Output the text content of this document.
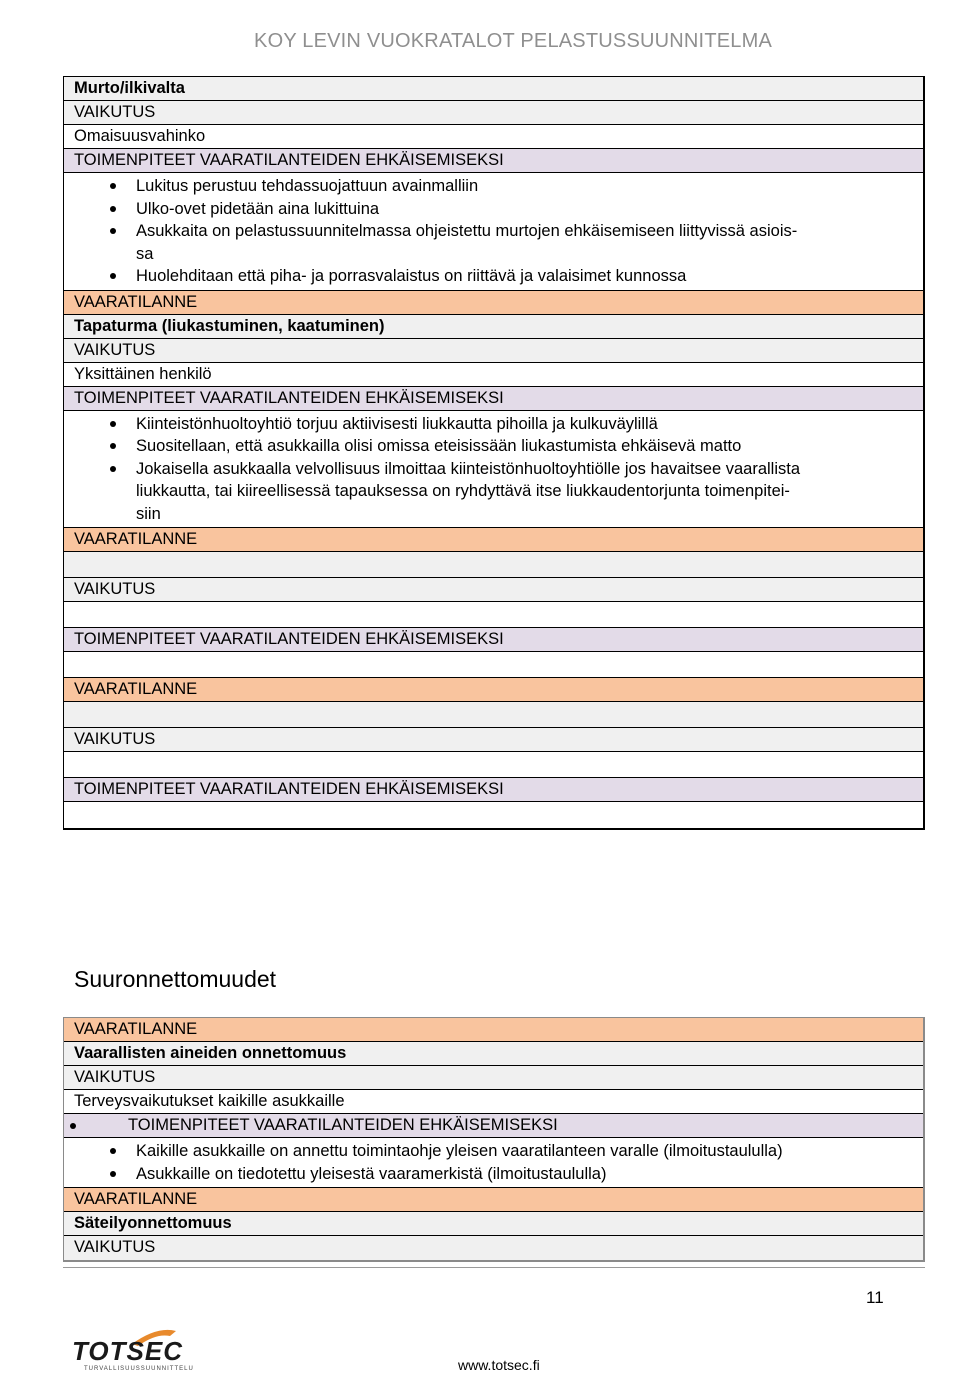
KOY LEVIN VUOKRATALOT PELASTUSSUUNNITELMA
Murto/ilkivalta
VAIKUTUS
Omaisuusvahinko
TOIMENPITEET VAARATILANTEIDEN EHKÄISEMISEKSI
Lukitus perustuu tehdassuojattuun avainmalliin
Ulko-ovet pidetään aina lukittuina
Asukkaita on pelastussuunnitelmassa ohjeistettu murtojen ehkäisemiseen liittyvissä asiois-
sa
Huolehditaan että piha- ja porrasvalaistus on riittävä ja valaisimet kunnossa
VAARATILANNE
Tapaturma (liukastuminen, kaatuminen)
VAIKUTUS
Yksittäinen henkilö
TOIMENPITEET VAARATILANTEIDEN EHKÄISEMISEKSI
Kiinteistönhuoltoyhtiö torjuu aktiivisesti liukkautta pihoilla ja kulkuväylillä
Suositellaan, että asukkailla olisi omissa eteisissään liukastumista ehkäisevä matto
Jokaisella asukkaalla velvollisuus ilmoittaa kiinteistönhuoltoyhtiölle jos havaitsee vaarallista
liukkautta, tai kiireellisessä tapauksessa on ryhdyttävä itse liukkaudentorjunta toimenpitei-
siin
VAARATILANNE
VAIKUTUS
TOIMENPITEET VAARATILANTEIDEN EHKÄISEMISEKSI
VAARATILANNE
VAIKUTUS
TOIMENPITEET VAARATILANTEIDEN EHKÄISEMISEKSI
Suuronnettomuudet
VAARATILANNE
Vaarallisten aineiden onnettomuus
VAIKUTUS
Terveysvaikutukset kaikille asukkaille
TOIMENPITEET VAARATILANTEIDEN EHKÄISEMISEKSI
Kaikille asukkaille on annettu toimintaohje yleisen vaaratilanteen varalle (ilmoitustaululla)
Asukkaille on tiedotettu yleisestä vaaramerkistä (ilmoitustaululla)
VAARATILANNE
Säteilyonnettomuus
VAIKUTUS
11
TOTSEC
TURVALLISUUSSUUNNITTELU	www.totsec.fi
